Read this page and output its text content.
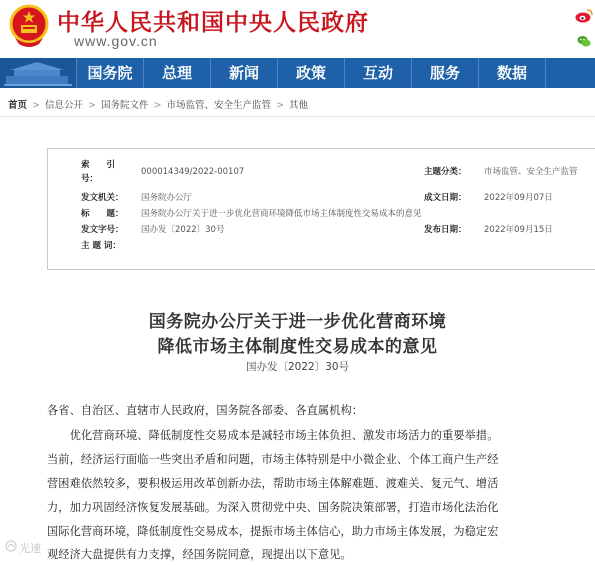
中华人民共和国中央人民政府
www.gov.cn
国务院	总理	新闻	政策	互动	服务	数据
首页 > 信息公开 > 国务院文件 > 市场监管、安全生产监管 > 其他
索　　引
号：
000014349/2022-00107	主题分类： 市场监管、安全生产监管
发文机关： 国务院办公厅	成文日期： 2022年09月07日
标　　题： 国务院办公厅关于进一步优化营商环境降低市场主体制度性交易成本的意见
发文字号： 国办发〔2022〕30号	发布日期： 2022年09月15日
主 题 词：
国务院办公厅关于进一步优化营商环境
降低市场主体制度性交易成本的意见
国办发〔2022〕30号
各省、自治区、直辖市人民政府，国务院各部委、各直属机构：
　　优化营商环境、降低制度性交易成本是减轻市场主体负担、激发市场活力的重要举措。
当前，经济运行面临一些突出矛盾和问题，市场主体特别是中小微企业、个体工商户生产经
营困难依然较多，要积极运用改革创新办法，帮助市场主体解难题、渡难关、复元气、增活
力，加力巩固经济恢复发展基础。为深入贯彻党中央、国务院决策部署，打造市场化法治化
国际化营商环境，降低制度性交易成本，提振市场主体信心，助力市场主体发展，为稳定宏
观经济大盘提供有力支撑，经国务院同意，现提出以下意见。
光速
